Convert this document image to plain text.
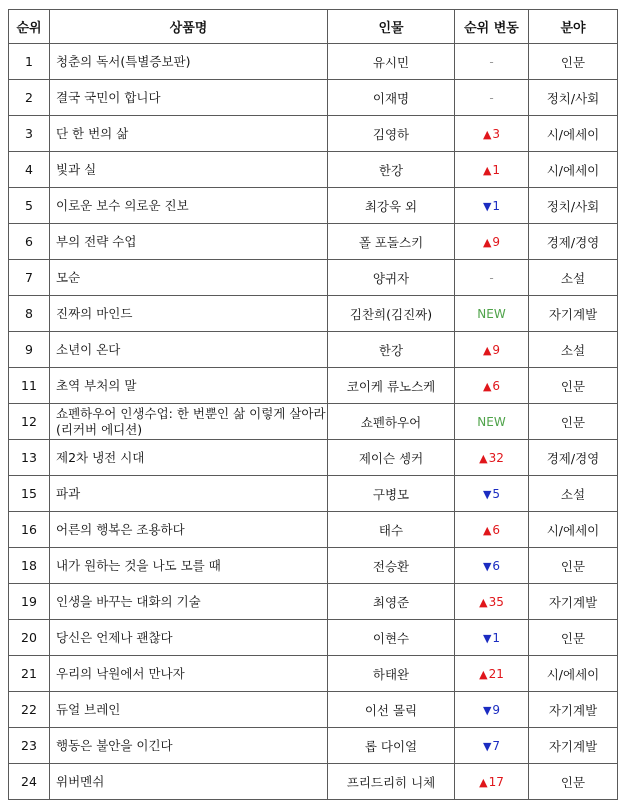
순위	상품명	인물	순위 변동	분야
1	청춘의 독서(특별증보판)	유시민	-	인문
2	결국 국민이 합니다	이재명	-	정치/사회
3	단 한 번의 삶	김영하	▲3	시/에세이
4	빛과 실	한강	▲1	시/에세이
5	이로운 보수 의로운 진보	최강욱 외	▼1	정치/사회
6	부의 전략 수업	폴 포돌스키	▲9	경제/경영
7	모순	양귀자	-	소설
8	진짜의 마인드	김찬희(김진짜)	NEW	자기계발
9	소년이 온다	한강	▲9	소설
11	초역 부처의 말	코이케 류노스케	▲6	인문
12	쇼펜하우어 인생수업: 한 번뿐인 삶 이렇게 살아라(리커버 에디션)	쇼펜하우어	NEW	인문
13	제2차 냉전 시대	제이슨 셍커	▲32	경제/경영
15	파과	구병모	▼5	소설
16	어른의 행복은 조용하다	태수	▲6	시/에세이
18	내가 원하는 것을 나도 모를 때	전승환	▼6	인문
19	인생을 바꾸는 대화의 기술	최영준	▲35	자기계발
20	당신은 언제나 괜찮다	이현수	▼1	인문
21	우리의 낙원에서 만나자	하태완	▲21	시/에세이
22	듀얼 브레인	이선 몰릭	▼9	자기계발
23	행동은 불안을 이긴다	롭 다이얼	▼7	자기계발
24	위버멘쉬	프리드리히 니체	▲17	인문
